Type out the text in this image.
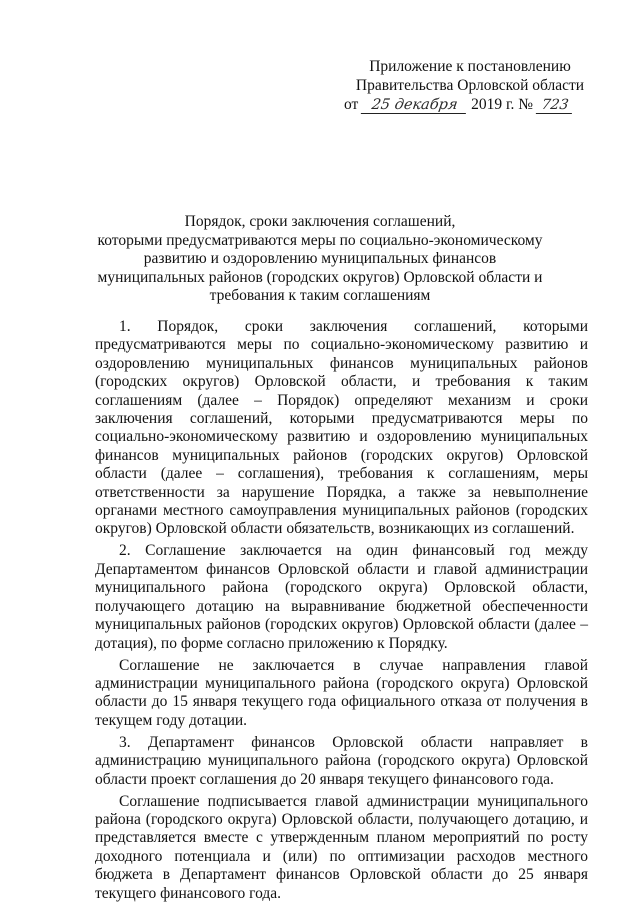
Приложение к постановлению
Правительства Орловской области
от 25 декабря 2019 г. № 723
Порядок, сроки заключения соглашений,
которыми предусматриваются меры по социально-экономическому
развитию и оздоровлению муниципальных финансов
муниципальных районов (городских округов) Орловской области и
требования к таким соглашениям

1. Порядок, сроки заключения соглашений, которыми предусматриваются меры по социально-экономическому развитию и оздоровлению муниципальных финансов муниципальных районов (городских округов) Орловской области, и требования к таким соглашениям (далее – Порядок) определяют механизм и сроки заключения соглашений, которыми предусматриваются меры по социально-экономическому развитию и оздоровлению муниципальных финансов муниципальных районов (городских округов) Орловской области (далее – соглашения), требования к соглашениям, меры ответственности за нарушение Порядка, а также за невыполнение органами местного самоуправления муниципальных районов (городских округов) Орловской области обязательств, возникающих из соглашений.

2. Соглашение заключается на один финансовый год между Департаментом финансов Орловской области и главой администрации муниципального района (городского округа) Орловской области, получающего дотацию на выравнивание бюджетной обеспеченности муниципальных районов (городских округов) Орловской области (далее – дотация), по форме согласно приложению к Порядку.

Соглашение не заключается в случае направления главой администрации муниципального района (городского округа) Орловской области до 15 января текущего года официального отказа от получения в текущем году дотации.

3. Департамент финансов Орловской области направляет в администрацию муниципального района (городского округа) Орловской области проект соглашения до 20 января текущего финансового года.

Соглашение подписывается главой администрации муниципального района (городского округа) Орловской области, получающего дотацию, и представляется вместе с утвержденным планом мероприятий по росту доходного потенциала и (или) по оптимизации расходов местного бюджета в Департамент финансов Орловской области до 25 января текущего финансового года.
